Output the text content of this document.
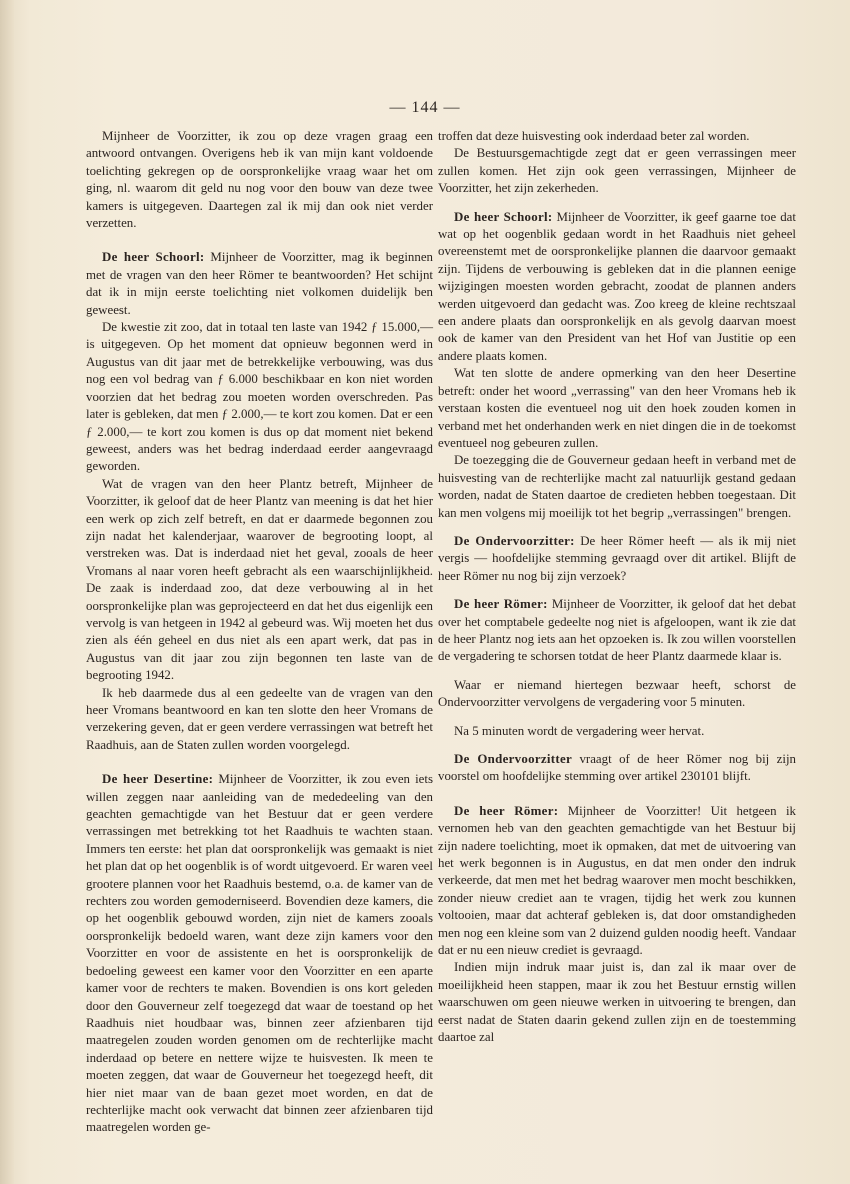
— 144 —

Mijnheer de Voorzitter, ik zou op deze vragen graag een antwoord ontvangen. Overigens heb ik van mijn kant voldoende toelichting gekregen op de oorspronkelijke vraag waar het om ging, nl. waarom dit geld nu nog voor den bouw van deze twee kamers is uitgegeven. Daartegen zal ik mij dan ook niet verder verzetten.

De heer Schoorl: Mijnheer de Voorzitter, mag ik beginnen met de vragen van den heer Römer te beantwoorden? Het schijnt dat ik in mijn eerste toelichting niet volkomen duidelijk ben geweest.

De kwestie zit zoo, dat in totaal ten laste van 1942 ƒ 15.000,— is uitgegeven. Op het moment dat opnieuw begonnen werd in Augustus van dit jaar met de betrekkelijke verbouwing, was dus nog een vol bedrag van ƒ 6.000 beschikbaar en kon niet worden voorzien dat het bedrag zou moeten worden overschreden. Pas later is gebleken, dat men ƒ 2.000,— te kort zou komen. Dat er een ƒ 2.000,— te kort zou komen is dus op dat moment niet bekend geweest, anders was het bedrag inderdaad eerder aangevraagd geworden.

Wat de vragen van den heer Plantz betreft, Mijnheer de Voorzitter, ik geloof dat de heer Plantz van meening is dat het hier een werk op zich zelf betreft, en dat er daarmede begonnen zou zijn nadat het kalenderjaar, waarover de begrooting loopt, al verstreken was. Dat is inderdaad niet het geval, zooals de heer Vromans al naar voren heeft gebracht als een waarschijnlijkheid. De zaak is inderdaad zoo, dat deze verbouwing al in het oorspronkelijke plan was geprojecteerd en dat het dus eigenlijk een vervolg is van hetgeen in 1942 al gebeurd was. Wij moeten het dus zien als één geheel en dus niet als een apart werk, dat pas in Augustus van dit jaar zou zijn begonnen ten laste van de begrooting 1942.

Ik heb daarmede dus al een gedeelte van de vragen van den heer Vromans beantwoord en kan ten slotte den heer Vromans de verzekering geven, dat er geen verdere verrassingen wat betreft het Raadhuis, aan de Staten zullen worden voorgelegd.

De heer Desertine: Mijnheer de Voorzitter, ik zou even iets willen zeggen naar aanleiding van de mededeeling van den geachten gemachtigde van het Bestuur dat er geen verdere verrassingen met betrekking tot het Raadhuis te wachten staan. Immers ten eerste: het plan dat oorspronkelijk was gemaakt is niet het plan dat op het oogenblik is of wordt uitgevoerd. Er waren veel grootere plannen voor het Raadhuis bestemd, o.a. de kamer van de rechters zou worden gemoderniseerd. Bovendien deze kamers, die op het oogenblik gebouwd worden, zijn niet de kamers zooals oorspronkelijk bedoeld waren, want deze zijn kamers voor den Voorzitter en voor de assistente en het is oorspronkelijk de bedoeling geweest een kamer voor den Voorzitter en een aparte kamer voor de rechters te maken. Bovendien is ons kort geleden door den Gouverneur zelf toegezegd dat waar de toestand op het Raadhuis niet houdbaar was, binnen zeer afzienbaren tijd maatregelen zouden worden genomen om de rechterlijke macht inderdaad op betere en nettere wijze te huisvesten. Ik meen te moeten zeggen, dat waar de Gouverneur het toegezegd heeft, dit hier niet maar van de baan gezet moet worden, en dat de rechterlijke macht ook verwacht dat binnen zeer afzienbaren tijd maatregelen worden ge-

troffen dat deze huisvesting ook inderdaad beter zal worden.

De Bestuursgemachtigde zegt dat er geen verrassingen meer zullen komen. Het zijn ook geen verrassingen, Mijnheer de Voorzitter, het zijn zekerheden.

De heer Schoorl: Mijnheer de Voorzitter, ik geef gaarne toe dat wat op het oogenblik gedaan wordt in het Raadhuis niet geheel overeenstemt met de oorspronkelijke plannen die daarvoor gemaakt zijn. Tijdens de verbouwing is gebleken dat in die plannen eenige wijzigingen moesten worden gebracht, zoodat de plannen anders werden uitgevoerd dan gedacht was. Zoo kreeg de kleine rechtszaal een andere plaats dan oorspronkelijk en als gevolg daarvan moest ook de kamer van den President van het Hof van Justitie op een andere plaats komen.

Wat ten slotte de andere opmerking van den heer Desertine betreft: onder het woord „verrassing" van den heer Vromans heb ik verstaan kosten die eventueel nog uit den hoek zouden komen in verband met het onderhanden werk en niet dingen die in de toekomst eventueel nog gebeuren zullen.

De toezegging die de Gouverneur gedaan heeft in verband met de huisvesting van de rechterlijke macht zal natuurlijk gestand gedaan worden, nadat de Staten daartoe de credieten hebben toegestaan. Dit kan men volgens mij moeilijk tot het begrip „verrassingen" brengen.

De Ondervoorzitter: De heer Römer heeft — als ik mij niet vergis — hoofdelijke stemming gevraagd over dit artikel. Blijft de heer Römer nu nog bij zijn verzoek?

De heer Römer: Mijnheer de Voorzitter, ik geloof dat het debat over het comptabele gedeelte nog niet is afgeloopen, want ik zie dat de heer Plantz nog iets aan het opzoeken is. Ik zou willen voorstellen de vergadering te schorsen totdat de heer Plantz daarmede klaar is.

Waar er niemand hiertegen bezwaar heeft, schorst de Ondervoorzitter vervolgens de vergadering voor 5 minuten.

Na 5 minuten wordt de vergadering weer hervat.

De Ondervoorzitter vraagt of de heer Römer nog bij zijn voorstel om hoofdelijke stemming over artikel 230101 blijft.

De heer Römer: Mijnheer de Voorzitter! Uit hetgeen ik vernomen heb van den geachten gemachtigde van het Bestuur bij zijn nadere toelichting, moet ik opmaken, dat met de uitvoering van het werk begonnen is in Augustus, en dat men onder den indruk verkeerde, dat men met het bedrag waarover men mocht beschikken, zonder nieuw crediet aan te vragen, tijdig het werk zou kunnen voltooien, maar dat achteraf gebleken is, dat door omstandigheden men nog een kleine som van 2 duizend gulden noodig heeft. Vandaar dat er nu een nieuw crediet is gevraagd.

Indien mijn indruk maar juist is, dan zal ik maar over de moeilijkheid heen stappen, maar ik zou het Bestuur ernstig willen waarschuwen om geen nieuwe werken in uitvoering te brengen, dan eerst nadat de Staten daarin gekend zullen zijn en de toestemming daartoe zal
